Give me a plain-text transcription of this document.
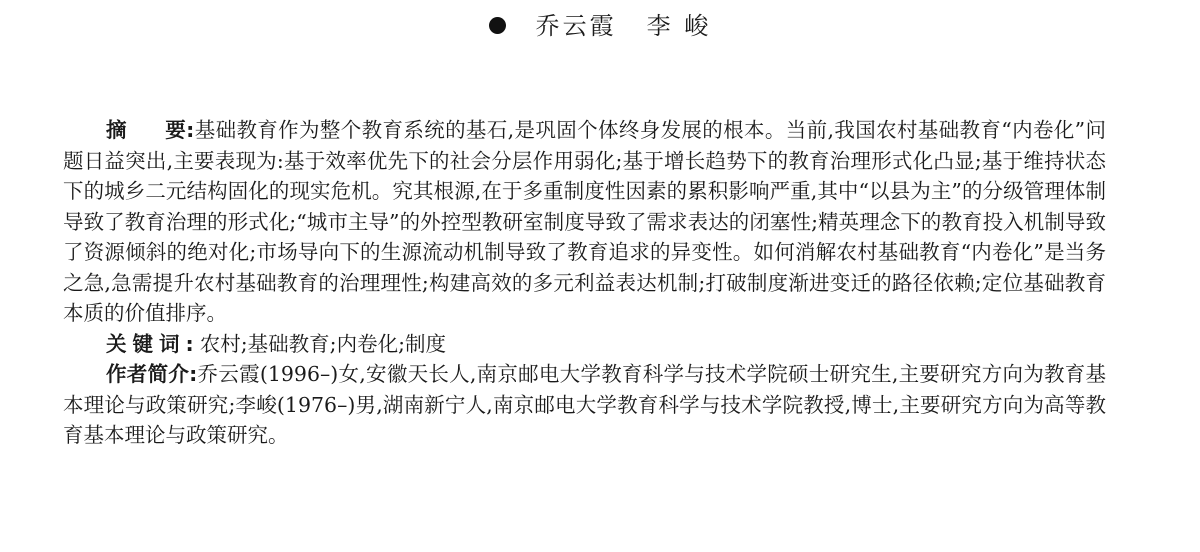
乔云霞 李 峻

摘 要:基础教育作为整个教育系统的基石,是巩固个体终身发展的根本。当前,我国农村基础教育“内卷化”问题日益突出,主要表现为:基于效率优先下的社会分层作用弱化;基于增长趋势下的教育治理形式化凸显;基于维持状态下的城乡二元结构固化的现实危机。究其根源,在于多重制度性因素的累积影响严重,其中“以县为主”的分级管理体制导致了教育治理的形式化;“城市主导”的外控型教研室制度导致了需求表达的闭塞性;精英理念下的教育投入机制导致了资源倾斜的绝对化;市场导向下的生源流动机制导致了教育追求的异变性。如何消解农村基础教育“内卷化”是当务之急,急需提升农村基础教育的治理理性;构建高效的多元利益表达机制;打破制度渐进变迁的路径依赖;定位基础教育本质的价值排序。

关键词:农村;基础教育;内卷化;制度

作者简介:乔云霞(1996–)女,安徽天长人,南京邮电大学教育科学与技术学院硕士研究生,主要研究方向为教育基本理论与政策研究;李峻(1976–)男,湖南新宁人,南京邮电大学教育科学与技术学院教授,博士,主要研究方向为高等教育基本理论与政策研究。
